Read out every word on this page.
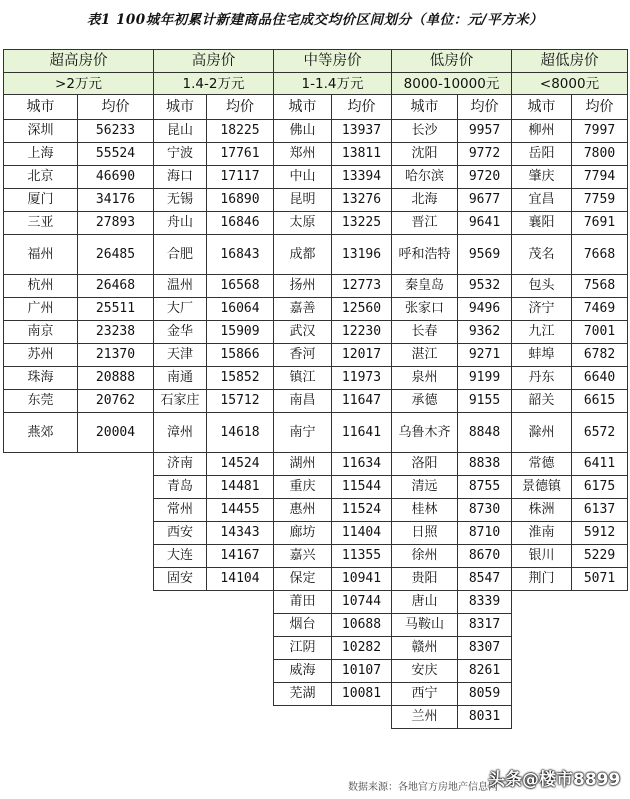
表1 100城年初累计新建商品住宅成交均价区间划分（单位：元/平方米）
超高房价		高房价		中等房价		低房价		超低房价	
>2万元		1.4-2万元		1-1.4万元		8000-10000元		<8000元	
城市	均价	城市	均价	城市	均价	城市	均价	城市	均价
深圳	56233	昆山	18225	佛山	13937	长沙	9957	柳州	7997
上海	55524	宁波	17761	郑州	13811	沈阳	9772	岳阳	7800
北京	46690	海口	17117	中山	13394	哈尔滨	9720	肇庆	7794
厦门	34176	无锡	16890	昆明	13276	北海	9677	宜昌	7759
三亚	27893	舟山	16846	太原	13225	晋江	9641	襄阳	7691
福州	26485	合肥	16843	成都	13196	呼和浩特	9569	茂名	7668
杭州	26468	温州	16568	扬州	12773	秦皇岛	9532	包头	7568
广州	25511	大厂	16064	嘉善	12560	张家口	9496	济宁	7469
南京	23238	金华	15909	武汉	12230	长春	9362	九江	7001
苏州	21370	天津	15866	香河	12017	湛江	9271	蚌埠	6782
珠海	20888	南通	15852	镇江	11973	泉州	9199	丹东	6640
东莞	20762	石家庄	15712	南昌	11647	承德	9155	韶关	6615
燕郊	20004	漳州	14618	南宁	11641	乌鲁木齐	8848	滁州	6572
		济南	14524	湖州	11634	洛阳	8838	常德	6411
		青岛	14481	重庆	11544	清远	8755	景德镇	6175
		常州	14455	惠州	11524	桂林	8730	株洲	6137
		西安	14343	廊坊	11404	日照	8710	淮南	5912
		大连	14167	嘉兴	11355	徐州	8670	银川	5229
		固安	14104	保定	10941	贵阳	8547	荆门	5071
				莆田	10744	唐山	8339		
				烟台	10688	马鞍山	8317		
				江阴	10282	赣州	8307		
				威海	10107	安庆	8261		
				芜湖	10081	西宁	8059		
						兰州	8031		
数据来源：各地官方房地产信息网
头条@楼市8899
